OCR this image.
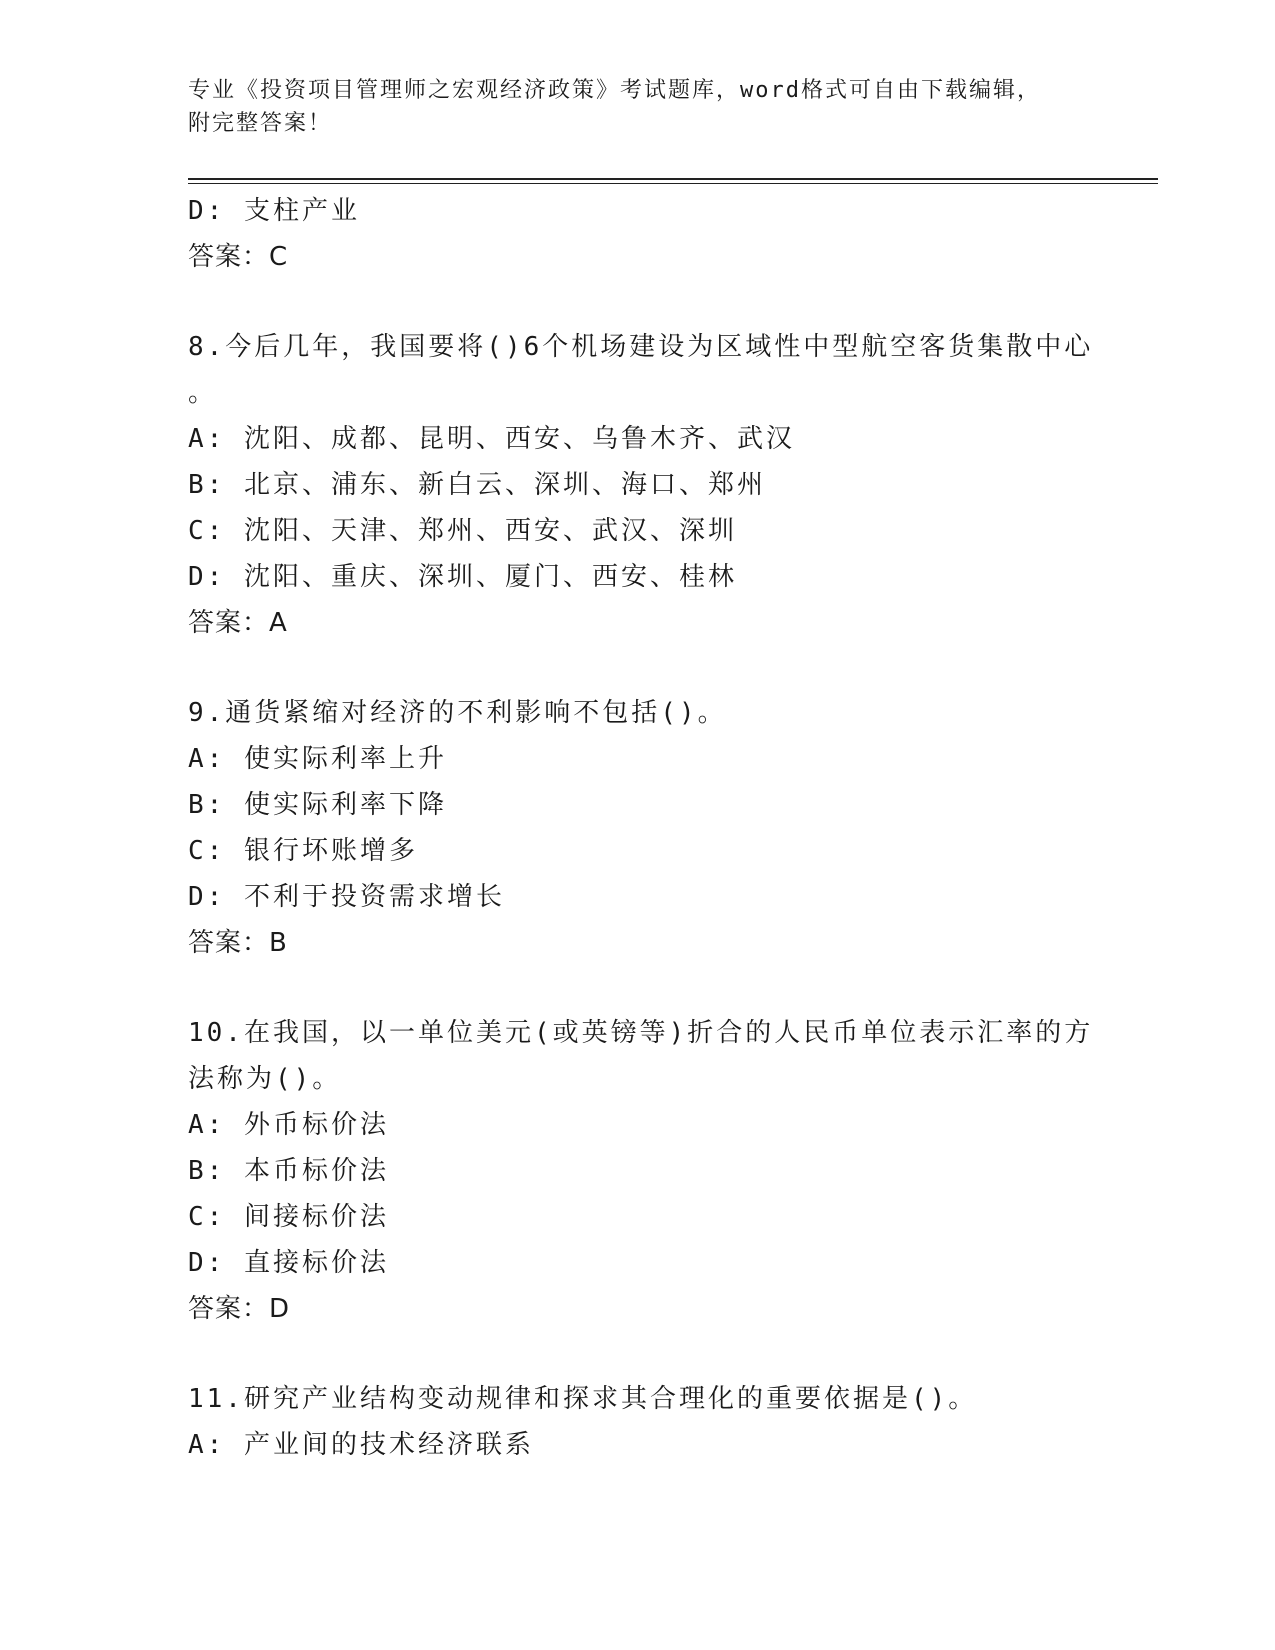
专业《投资项目管理师之宏观经济政策》考试题库，word格式可自由下载编辑，
附完整答案！
D: 支柱产业
答案：C
8.今后几年，我国要将()6个机场建设为区域性中型航空客货集散中心
。
A: 沈阳、成都、昆明、西安、乌鲁木齐、武汉
B: 北京、浦东、新白云、深圳、海口、郑州
C: 沈阳、天津、郑州、西安、武汉、深圳
D: 沈阳、重庆、深圳、厦门、西安、桂林
答案：A
9.通货紧缩对经济的不利影响不包括()。
A: 使实际利率上升
B: 使实际利率下降
C: 银行坏账增多
D: 不利于投资需求增长
答案：B
10.在我国，以一单位美元(或英镑等)折合的人民币单位表示汇率的方
法称为()。
A: 外币标价法
B: 本币标价法
C: 间接标价法
D: 直接标价法
答案：D
11.研究产业结构变动规律和探求其合理化的重要依据是()。
A: 产业间的技术经济联系
